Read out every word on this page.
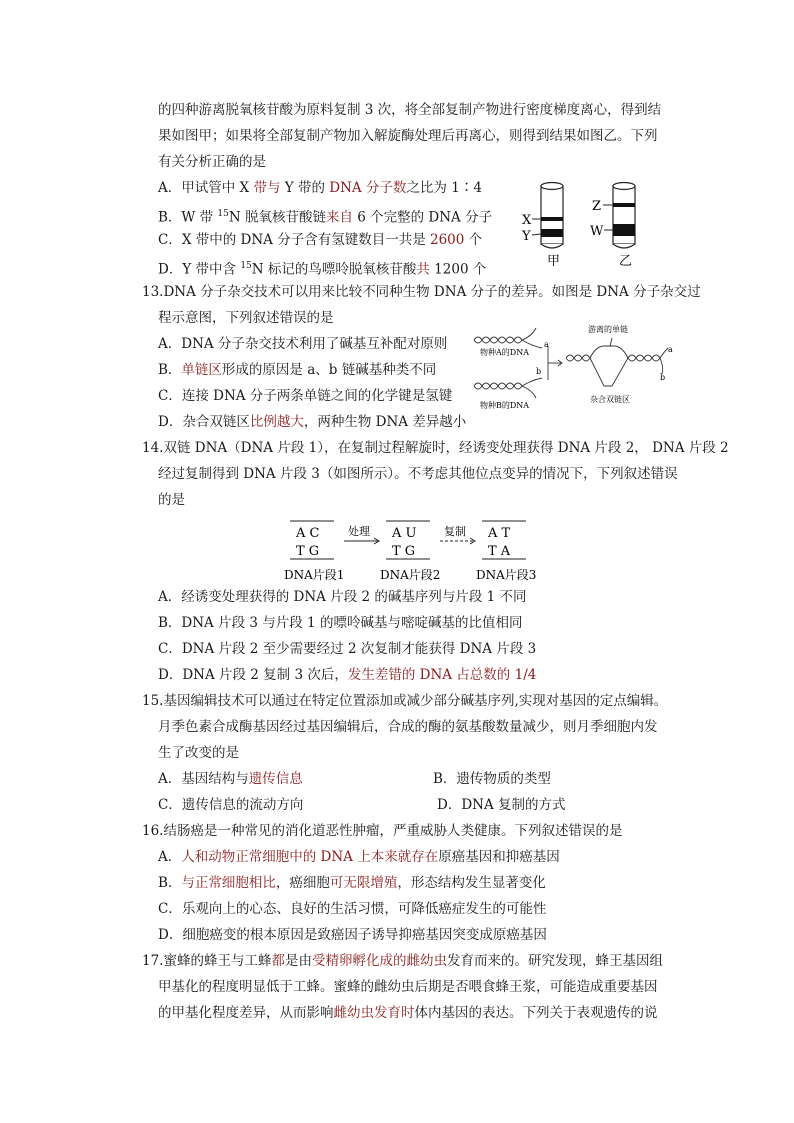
的四种游离脱氧核苷酸为原料复制 3 次，将全部复制产物进行密度梯度离心，得到结
果如图甲；如果将全部复制产物加入解旋酶处理后再离心，则得到结果如图乙。下列
有关分析正确的是
A．甲试管中 X 带与 Y 带的 DNA 分子数之比为 1∶4
B．W 带 $^{15}$N 脱氧核苷酸链来自 6 个完整的 DNA 分子
C．X 带中的 DNA 分子含有氢键数目一共是 2600 个
D．Y 带中含 $^{15}$N 标记的鸟嘌呤脱氧核苷酸共 1200 个
X
Y
甲
Z
W
乙
13.DNA 分子杂交技术可以用来比较不同种生物 DNA 分子的差异。如图是 DNA 分子杂交过
程示意图，下列叙述错误的是
A．DNA 分子杂交技术利用了碱基互补配对原则
B．单链区形成的原因是 a、b 链碱基种类不同
C．连接 DNA 分子两条单链之间的化学键是氢键
D．杂合双链区比例越大，两种生物 DNA 差异越小
物种A的DNA
物种B的DNA
a
b
游离的单链
杂合双链区
a
b
14.双链 DNA（DNA 片段 1），在复制过程解旋时，经诱变处理获得 DNA 片段 2， DNA 片段 2
经过复制得到 DNA 片段 3（如图所示）。不考虑其他位点变异的情况下，下列叙述错误
的是
A C
T G
DNA片段1
处理 A U
T G
DNA片段2
复制 A T
T A
DNA片段3
A．经诱变处理获得的 DNA 片段 2 的碱基序列与片段 1 不同
B．DNA 片段 3 与片段 1 的嘌呤碱基与嘧啶碱基的比值相同
C．DNA 片段 2 至少需要经过 2 次复制才能获得 DNA 片段 3
D．DNA 片段 2 复制 3 次后，发生差错的 DNA 占总数的 1/4
15.基因编辑技术可以通过在特定位置添加或减少部分碱基序列,实现对基因的定点编辑。
月季色素合成酶基因经过基因编辑后，合成的酶的氨基酸数量减少，则月季细胞内发
生了改变的是
A．基因结构与遗传信息	B．遗传物质的类型
C．遗传信息的流动方向	D．DNA 复制的方式
16.结肠癌是一种常见的消化道恶性肿瘤，严重威胁人类健康。下列叙述错误的是
A．人和动物正常细胞中的 DNA 上本来就存在原癌基因和抑癌基因
B．与正常细胞相比，癌细胞可无限增殖，形态结构发生显著变化
C．乐观向上的心态、良好的生活习惯，可降低癌症发生的可能性
D．细胞癌变的根本原因是致癌因子诱导抑癌基因突变成原癌基因
17.蜜蜂的蜂王与工蜂都是由受精卵孵化成的雌幼虫发育而来的。研究发现，蜂王基因组
甲基化的程度明显低于工蜂。蜜蜂的雌幼虫后期是否喂食蜂王浆，可能造成重要基因
的甲基化程度差异，从而影响雌幼虫发育时体内基因的表达。下列关于表观遗传的说
